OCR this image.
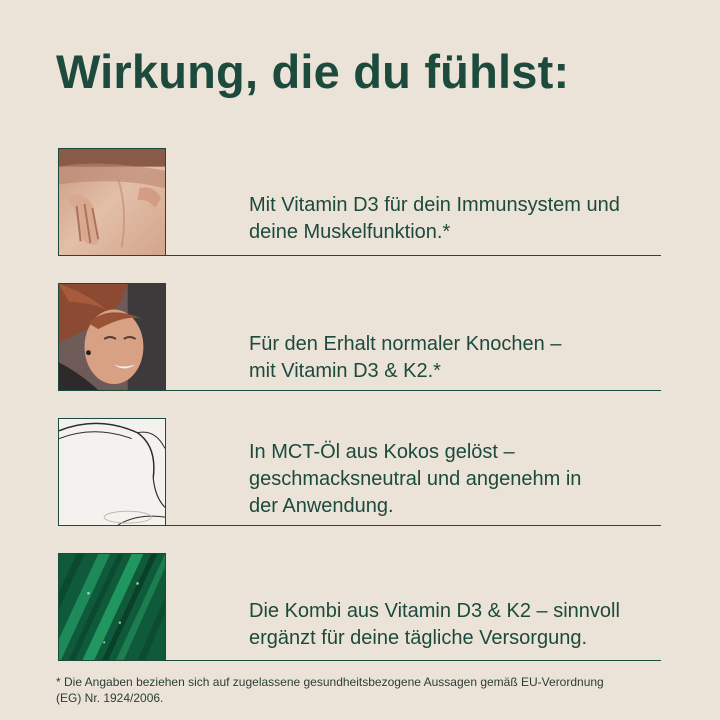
Wirkung, die du fühlst:
Mit Vitamin D3 für dein Immunsystem und
deine Muskelfunktion.*
Für den Erhalt normaler Knochen –
mit Vitamin D3 & K2.*
In MCT-Öl aus Kokos gelöst –
geschmacksneutral und angenehm in
der Anwendung.
Die Kombi aus Vitamin D3 & K2 – sinnvoll
ergänzt für deine tägliche Versorgung.
* Die Angaben beziehen sich auf zugelassene gesundheitsbezogene Aussagen gemäß EU-Verordnung
(EG) Nr. 1924/2006.
